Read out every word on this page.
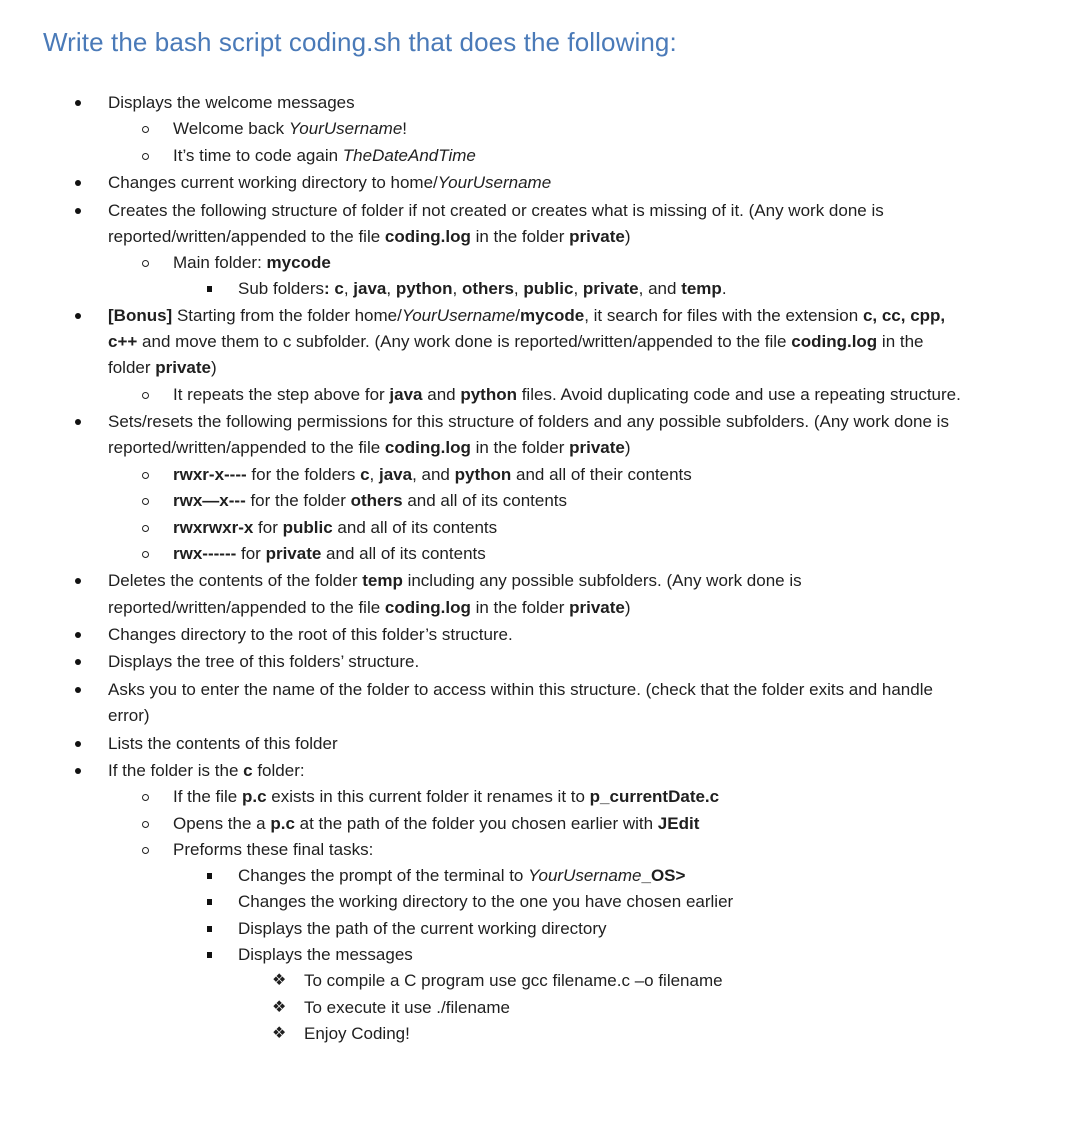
Write the bash script coding.sh that does the following:
Displays the welcome messages
Welcome back YourUsername!
It’s time to code again TheDateAndTime
Changes current working directory to home/YourUsername
Creates the following structure of folder if not created or creates what is missing of it. (Any work done is
reported/written/appended to the file coding.log in the folder private)
Main folder: mycode
Sub folders: c, java, python, others, public, private, and temp.
[Bonus] Starting from the folder home/YourUsername/mycode, it search for files with the extension c, cc, cpp,
c++ and move them to c subfolder. (Any work done is reported/written/appended to the file coding.log in the
folder private)
It repeats the step above for java and python files. Avoid duplicating code and use a repeating structure.
Sets/resets the following permissions for this structure of folders and any possible subfolders. (Any work done is
reported/written/appended to the file coding.log in the folder private)
rwxr-x---- for the folders c, java, and python and all of their contents
rwx—x--- for the folder others and all of its contents
rwxrwxr-x for public and all of its contents
rwx------ for private and all of its contents
Deletes the contents of the folder temp including any possible subfolders. (Any work done is
reported/written/appended to the file coding.log in the folder private)
Changes directory to the root of this folder’s structure.
Displays the tree of this folders’ structure.
Asks you to enter the name of the folder to access within this structure. (check that the folder exits and handle
error)
Lists the contents of this folder
If the folder is the c folder:
If the file p.c exists in this current folder it renames it to p_currentDate.c
Opens the a p.c at the path of the folder you chosen earlier with JEdit
Preforms these final tasks:
Changes the prompt of the terminal to YourUsername_OS>
Changes the working directory to the one you have chosen earlier
Displays the path of the current working directory
Displays the messages
❖ To compile a C program use gcc filename.c –o filename
❖ To execute it use ./filename
❖ Enjoy Coding!
